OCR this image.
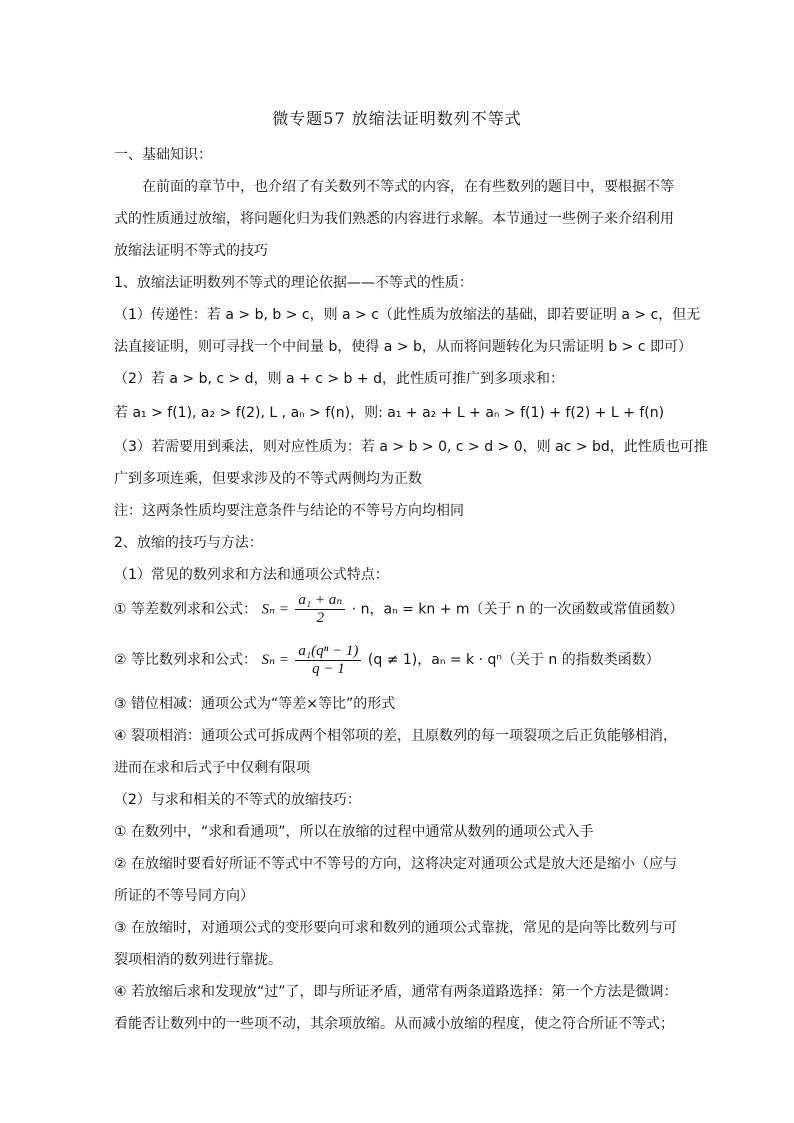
微专题57 放缩法证明数列不等式
一、基础知识：
在前面的章节中，也介绍了有关数列不等式的内容，在有些数列的题目中，要根据不等
式的性质通过放缩，将问题化归为我们熟悉的内容进行求解。本节通过一些例子来介绍利用
放缩法证明不等式的技巧
1、放缩法证明数列不等式的理论依据——不等式的性质：
（1）传递性：若 a > b, b > c，则 a > c（此性质为放缩法的基础，即若要证明 a > c，但无
法直接证明，则可寻找一个中间量 b，使得 a > b，从而将问题转化为只需证明 b > c 即可）
（2）若 a > b, c > d，则 a + c > b + d，此性质可推广到多项求和：
若 a₁ > f(1), a₂ > f(2), L , aₙ > f(n)，则: a₁ + a₂ + L + aₙ > f(1) + f(2) + L + f(n)
（3）若需要用到乘法，则对应性质为：若 a > b > 0, c > d > 0，则 ac > bd，此性质也可推
广到多项连乘，但要求涉及的不等式两侧均为正数
注：这两条性质均要注意条件与结论的不等号方向均相同
2、放缩的技巧与方法：
（1）常见的数列求和方法和通项公式特点：
① 等差数列求和公式： $S_n = \frac{\text{a₁ + aₙ}}{2} \cdot n$，aₙ = kn + m（关于 n 的一次函数或常值函数）
② 等比数列求和公式： $S_n = \frac{\text{a₁(qⁿ − 1)}}{q - 1} (q \ne 1)$，aₙ = k · qⁿ（关于 n 的指数类函数）
③ 错位相减：通项公式为“等差×等比”的形式
④ 裂项相消：通项公式可拆成两个相邻项的差，且原数列的每一项裂项之后正负能够相消，
进而在求和后式子中仅剩有限项
（2）与求和相关的不等式的放缩技巧：
① 在数列中，“求和看通项”，所以在放缩的过程中通常从数列的通项公式入手
② 在放缩时要看好所证不等式中不等号的方向，这将决定对通项公式是放大还是缩小（应与
所证的不等号同方向）
③ 在放缩时，对通项公式的变形要向可求和数列的通项公式靠拢，常见的是向等比数列与可
裂项相消的数列进行靠拢。
④ 若放缩后求和发现放“过”了，即与所证矛盾，通常有两条道路选择：第一个方法是微调：
看能否让数列中的一些项不动，其余项放缩。从而减小放缩的程度，使之符合所证不等式；
